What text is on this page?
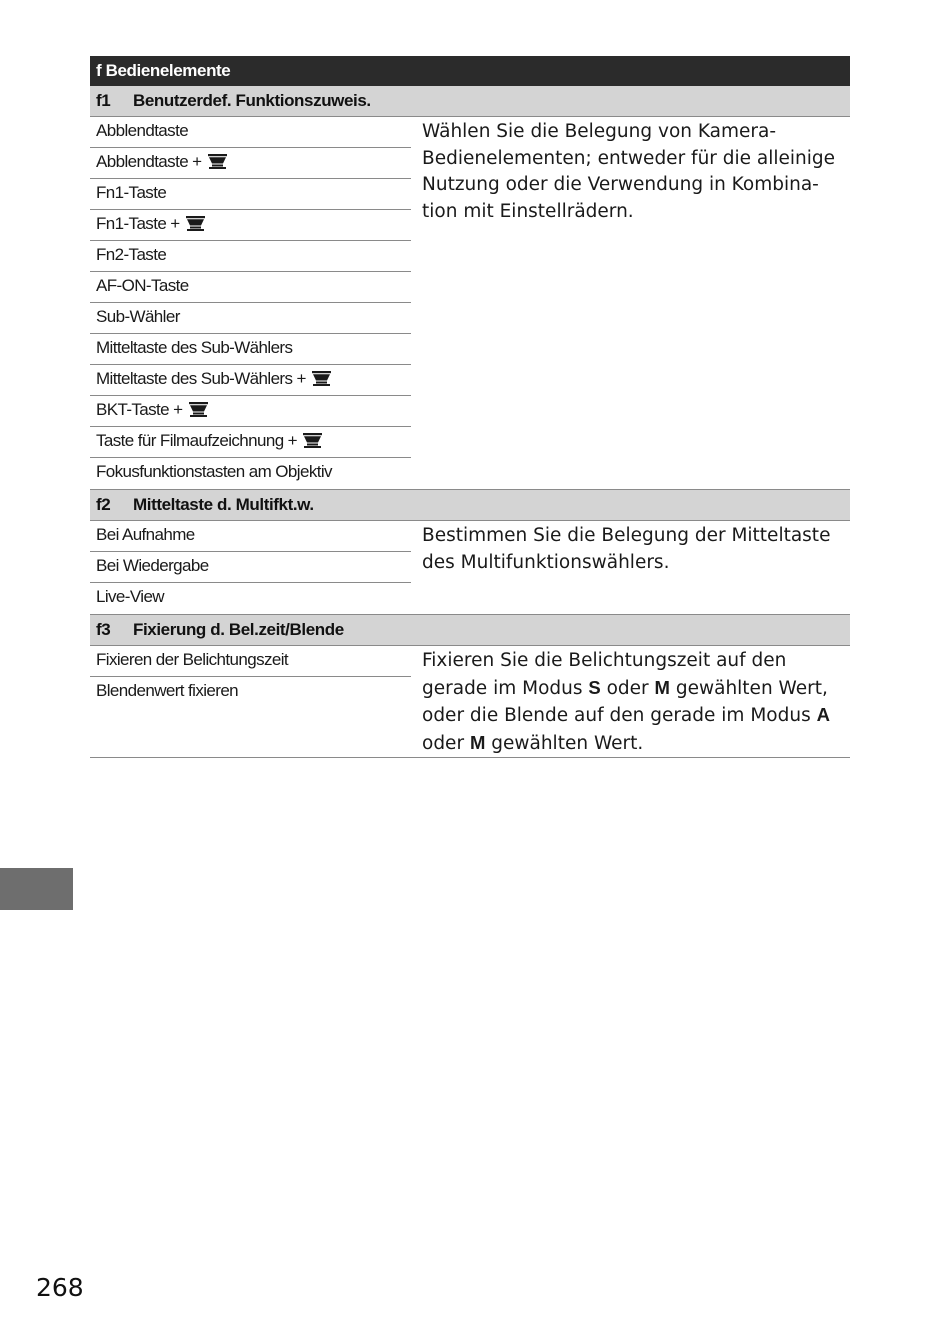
f Bedienelemente
f1 Benutzerdef. Funktionszuweis.
Abblendtaste
Abblendtaste +
Fn1-Taste
Fn1-Taste +
Fn2-Taste
AF-ON-Taste
Sub-Wähler
Mitteltaste des Sub-Wählers
Mitteltaste des Sub-Wählers +
BKT-Taste +
Taste für Filmaufzeichnung +
Fokusfunktionstasten am Objektiv
Wählen Sie die Belegung von Kamera-Bedienelementen; entweder für die alleinige Nutzung oder die Verwendung in Kombina-tion mit Einstellrädern.
f2 Mitteltaste d. Multifkt.w.
Bei Aufnahme
Bei Wiedergabe
Live-View
Bestimmen Sie die Belegung der Mitteltaste des Multifunktionswählers.
f3 Fixierung d. Bel.zeit/Blende
Fixieren der Belichtungszeit
Blendenwert fixieren
Fixieren Sie die Belichtungszeit auf den gerade im Modus S oder M gewählten Wert, oder die Blende auf den gerade im Modus A oder M gewählten Wert.
268
